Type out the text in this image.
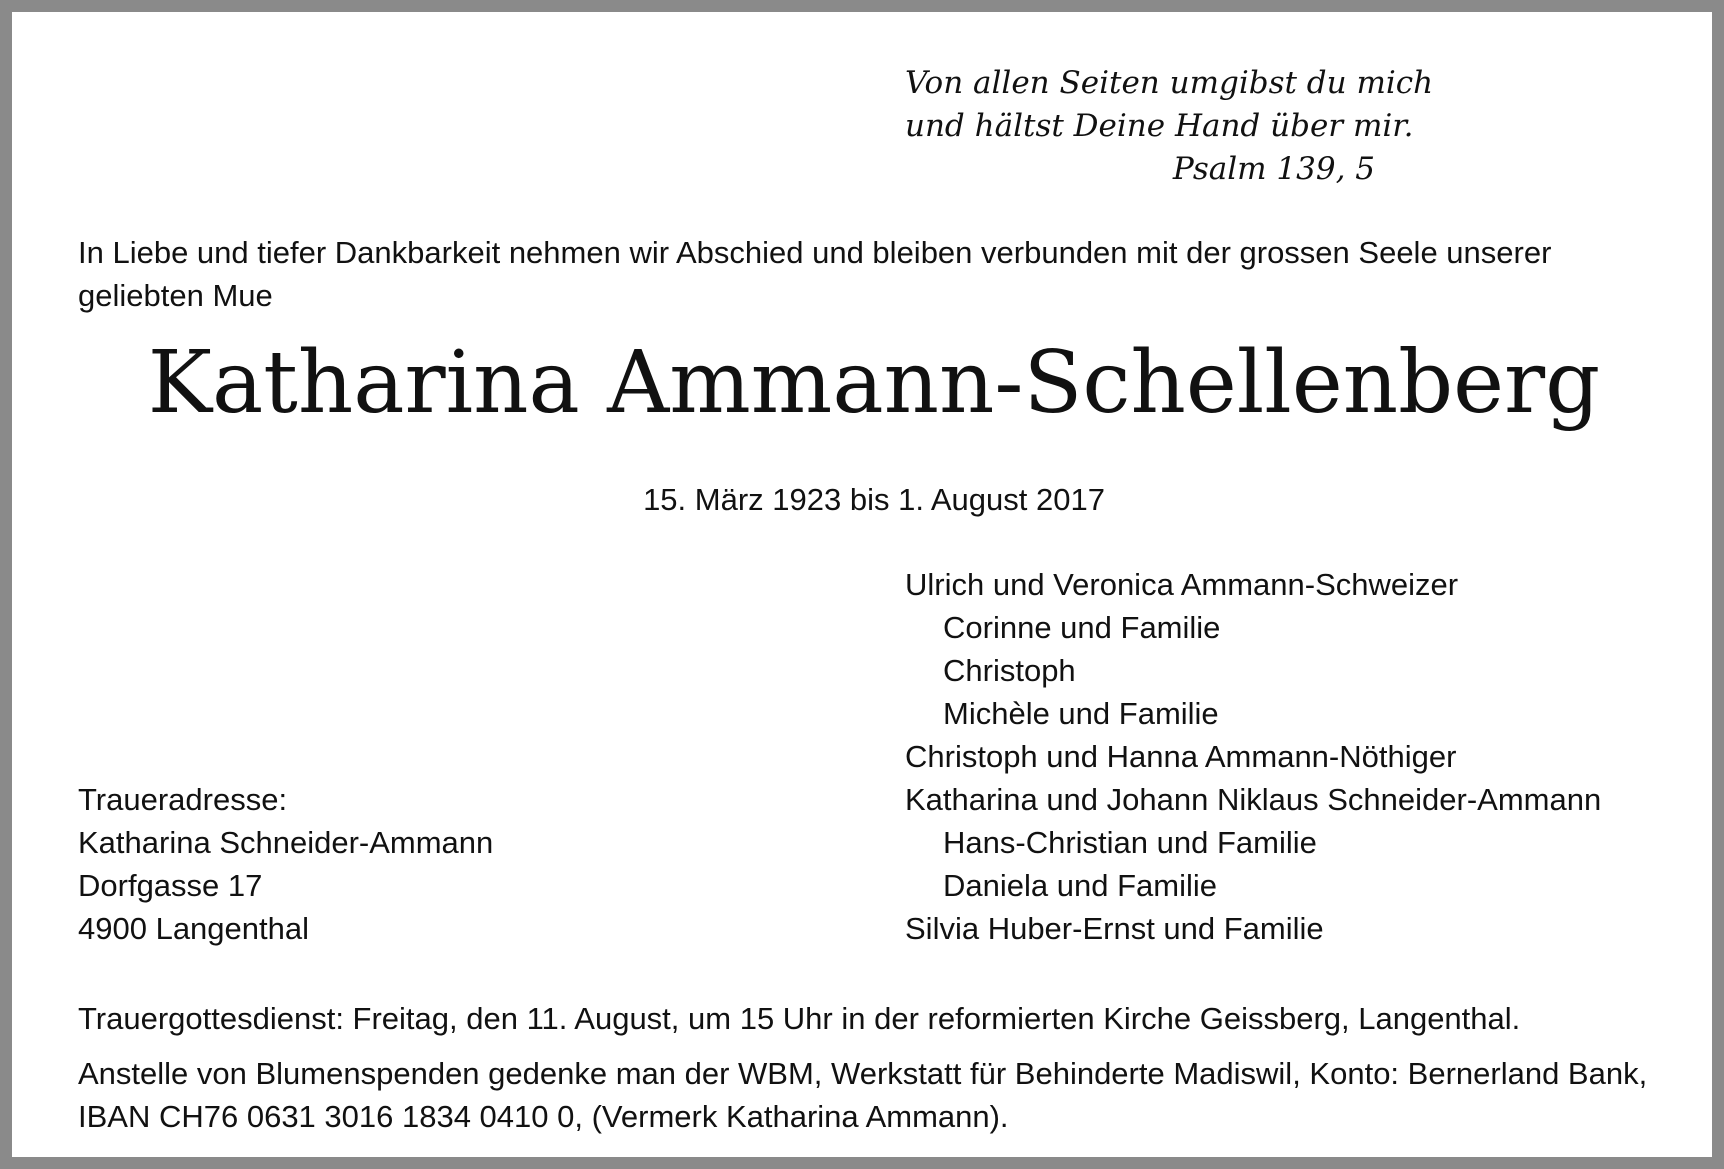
Von allen Seiten umgibst du mich
und hältst Deine Hand über mir.
Psalm 139, 5
In Liebe und tiefer Dankbarkeit nehmen wir Abschied und bleiben verbunden mit der grossen Seele unserer geliebten Mue
Katharina Ammann-Schellenberg
15. März 1923 bis 1. August 2017
Ulrich und Veronica Ammann-Schweizer
Corinne und Familie
Christoph
Michèle und Familie
Christoph und Hanna Ammann-Nöthiger
Katharina und Johann Niklaus Schneider-Ammann
Hans-Christian und Familie
Daniela und Familie
Silvia Huber-Ernst und Familie
Traueradresse:
Katharina Schneider-Ammann
Dorfgasse 17
4900 Langenthal
Trauergottesdienst: Freitag, den 11. August, um 15 Uhr in der reformierten Kirche Geissberg, Langenthal.
Anstelle von Blumenspenden gedenke man der WBM, Werkstatt für Behinderte Madiswil, Konto: Bernerland Bank, IBAN CH76 0631 3016 1834 0410 0, (Vermerk Katharina Ammann).
